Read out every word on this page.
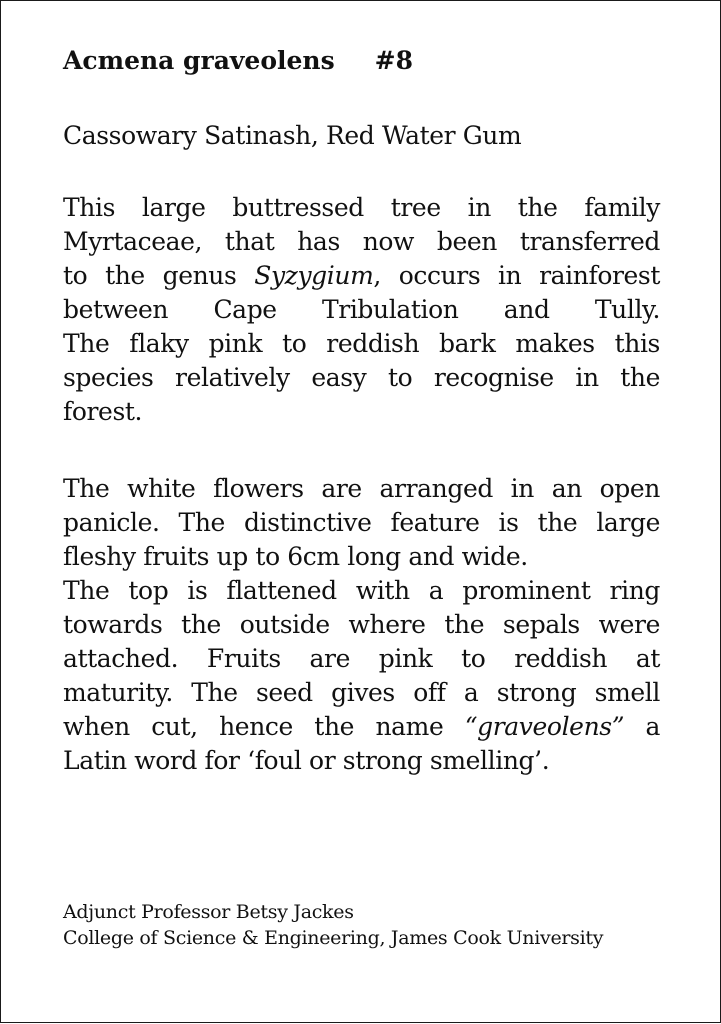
Acmena graveolens #8

Cassowary Satinash, Red Water Gum

This large buttressed tree in the family
Myrtaceae, that has now been transferred
to the genus Syzygium, occurs in rainforest
between Cape Tribulation and Tully.
The flaky pink to reddish bark makes this
species relatively easy to recognise in the
forest.
The white flowers are arranged in an open
panicle. The distinctive feature is the large
fleshy fruits up to 6cm long and wide.
The top is flattened with a prominent ring
towards the outside where the sepals were
attached. Fruits are pink to reddish at
maturity. The seed gives off a strong smell
when cut, hence the name “graveolens” a
Latin word for ‘foul or strong smelling’.
Adjunct Professor Betsy Jackes
College of Science & Engineering, James Cook University
